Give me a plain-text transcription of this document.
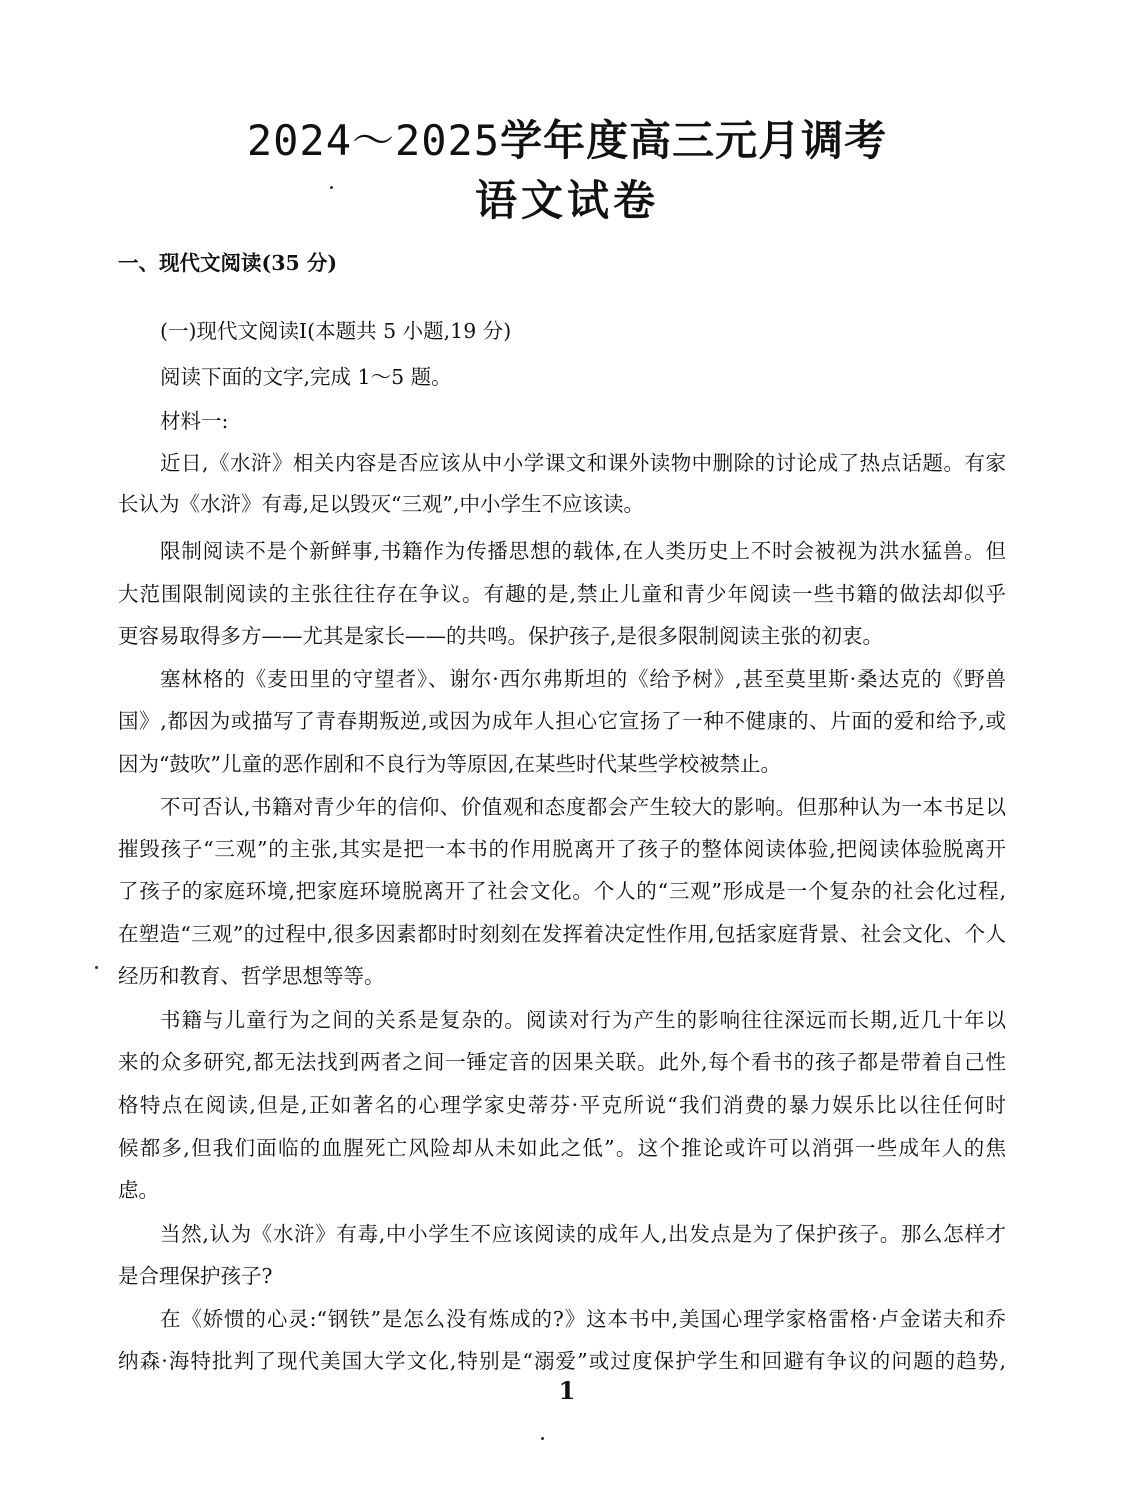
2024～2025学年度高三元月调考
语文试卷
一、现代文阅读(35 分)
(一)现代文阅读Ⅰ(本题共 5 小题,19 分)
阅读下面的文字,完成 1～5 题。
材料一:
近日,《水浒》相关内容是否应该从中小学课文和课外读物中删除的讨论成了热点话题。有家
长认为《水浒》有毒,足以毁灭“三观”,中小学生不应该读。
限制阅读不是个新鲜事,书籍作为传播思想的载体,在人类历史上不时会被视为洪水猛兽。但
大范围限制阅读的主张往往存在争议。有趣的是,禁止儿童和青少年阅读一些书籍的做法却似乎
更容易取得多方——尤其是家长——的共鸣。保护孩子,是很多限制阅读主张的初衷。
塞林格的《麦田里的守望者》、谢尔·西尔弗斯坦的《给予树》,甚至莫里斯·桑达克的《野兽
国》,都因为或描写了青春期叛逆,或因为成年人担心它宣扬了一种不健康的、片面的爱和给予,或
因为“鼓吹”儿童的恶作剧和不良行为等原因,在某些时代某些学校被禁止。
不可否认,书籍对青少年的信仰、价值观和态度都会产生较大的影响。但那种认为一本书足以
摧毁孩子“三观”的主张,其实是把一本书的作用脱离开了孩子的整体阅读体验,把阅读体验脱离开
了孩子的家庭环境,把家庭环境脱离开了社会文化。个人的“三观”形成是一个复杂的社会化过程,
在塑造“三观”的过程中,很多因素都时时刻刻在发挥着决定性作用,包括家庭背景、社会文化、个人
经历和教育、哲学思想等等。
书籍与儿童行为之间的关系是复杂的。阅读对行为产生的影响往往深远而长期,近几十年以
来的众多研究,都无法找到两者之间一锤定音的因果关联。此外,每个看书的孩子都是带着自己性
格特点在阅读,但是,正如著名的心理学家史蒂芬·平克所说“我们消费的暴力娱乐比以往任何时
候都多,但我们面临的血腥死亡风险却从未如此之低”。这个推论或许可以消弭一些成年人的焦
虑。
当然,认为《水浒》有毒,中小学生不应该阅读的成年人,出发点是为了保护孩子。那么怎样才
是合理保护孩子?
在《娇惯的心灵:“钢铁”是怎么没有炼成的?》这本书中,美国心理学家格雷格·卢金诺夫和乔
纳森·海特批判了现代美国大学文化,特别是“溺爱”或过度保护学生和回避有争议的问题的趋势,
1
